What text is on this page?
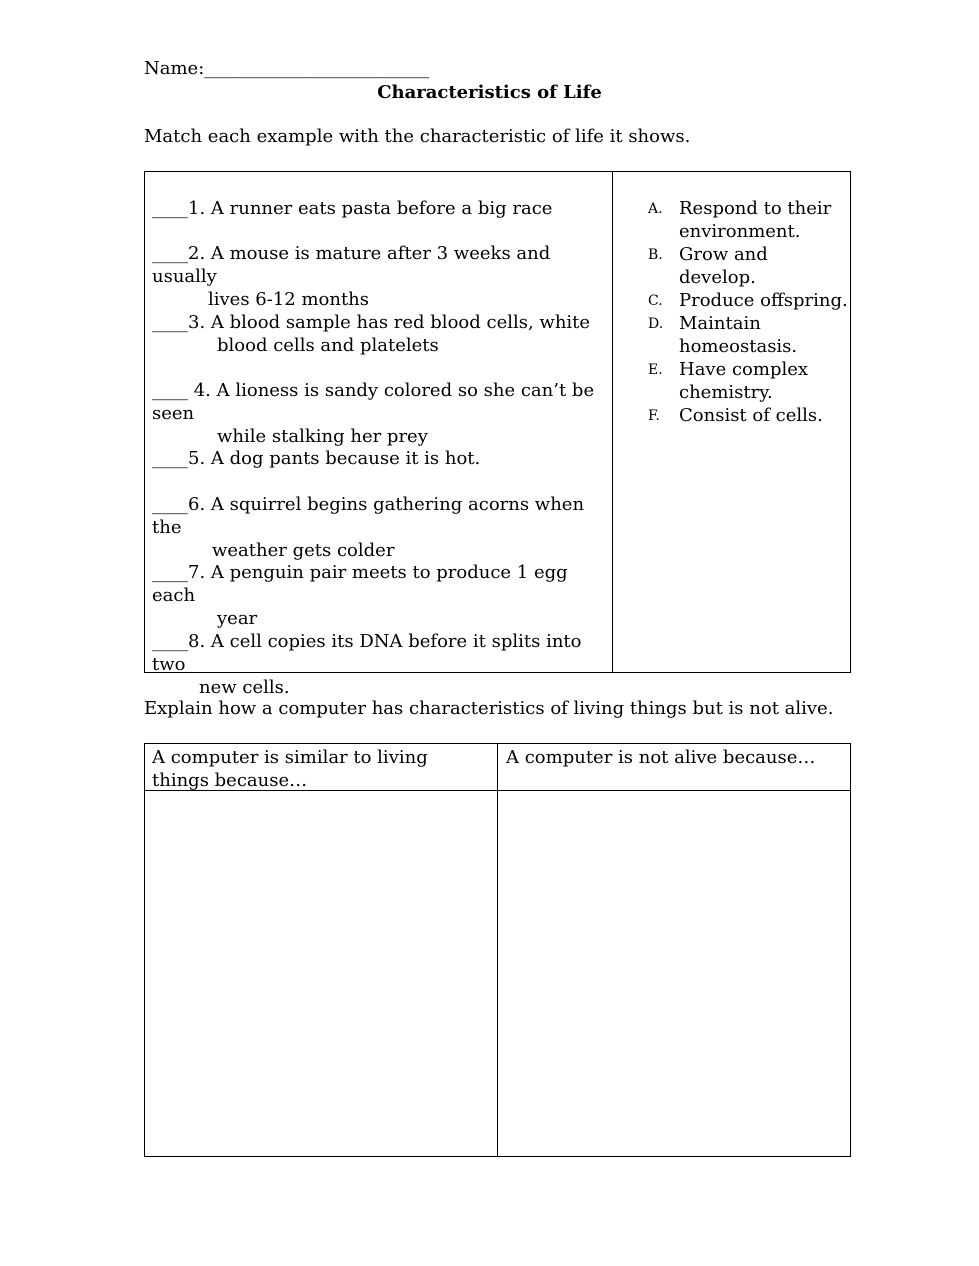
Name:_________________________
Characteristics of Life
Match each example with the characteristic of life it shows.
____1. A runner eats pasta before a big race
____2. A mouse is mature after 3 weeks and usually
lives 6-12 months
____3. A blood sample has red blood cells, white
blood cells and platelets
____ 4. A lioness is sandy colored so she can’t be seen
while stalking her prey
____5. A dog pants because it is hot.
____6. A squirrel begins gathering acorns when the
weather gets colder
____7. A penguin pair meets to produce 1 egg each
year
____8. A cell copies its DNA before it splits into two
new cells.
A. Respond to their
environment.
B. Grow and develop.
C. Produce offspring.
D. Maintain
homeostasis.
E. Have complex
chemistry.
F. Consist of cells.
Explain how a computer has characteristics of living things but is not alive.
A computer is similar to living things because…
A computer is not alive because…
